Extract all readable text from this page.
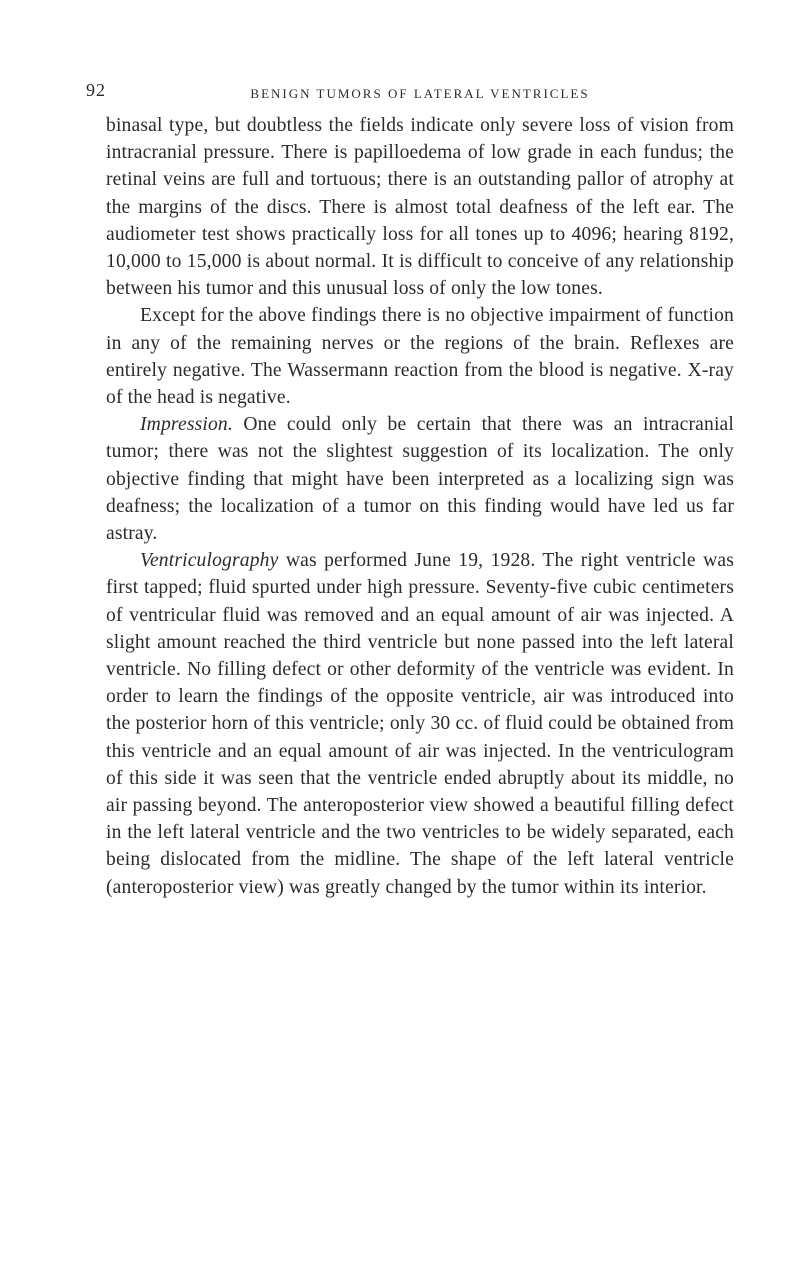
92	BENIGN TUMORS OF LATERAL VENTRICLES

binasal type, but doubtless the fields indicate only severe loss of vision from intracranial pressure. There is papilloedema of low grade in each fundus; the retinal veins are full and tortuous; there is an outstanding pallor of atrophy at the margins of the discs. There is almost total deafness of the left ear. The audiometer test shows practically loss for all tones up to 4096; hearing 8192, 10,000 to 15,000 is about normal. It is difficult to conceive of any relationship between his tumor and this unusual loss of only the low tones.

Except for the above findings there is no objective impairment of function in any of the remaining nerves or the regions of the brain. Reflexes are entirely negative. The Wassermann reaction from the blood is negative. X-ray of the head is negative.

Impression. One could only be certain that there was an intracranial tumor; there was not the slightest suggestion of its localization. The only objective finding that might have been interpreted as a localizing sign was deafness; the localization of a tumor on this finding would have led us far astray.

Ventriculography was performed June 19, 1928. The right ventricle was first tapped; fluid spurted under high pressure. Seventy-five cubic centimeters of ventricular fluid was removed and an equal amount of air was injected. A slight amount reached the third ventricle but none passed into the left lateral ventricle. No filling defect or other deformity of the ventricle was evident. In order to learn the findings of the opposite ventricle, air was introduced into the posterior horn of this ventricle; only 30 cc. of fluid could be obtained from this ventricle and an equal amount of air was injected. In the ventriculogram of this side it was seen that the ventricle ended abruptly about its middle, no air passing beyond. The anteroposterior view showed a beautiful filling defect in the left lateral ventricle and the two ventricles to be widely separated, each being dislocated from the midline. The shape of the left lateral ventricle (anteroposterior view) was greatly changed by the tumor within its interior.
